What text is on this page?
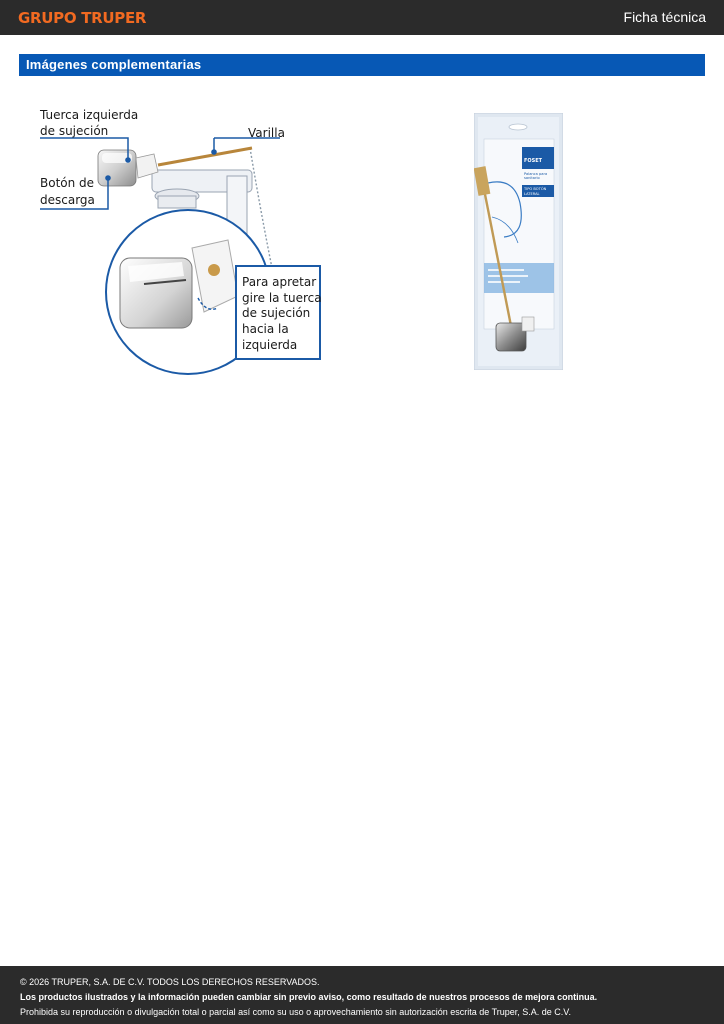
GRUPO TRUPER	Ficha técnica
Imágenes complementarias
Tuerca izquierda
de sujeción	Varilla
Botón de
descarga
Para apretar
gire la tuerca
de sujeción
hacia la
izquierda
FOSET
Palanca para
sanitario
TIPO BOTÓN
LATERAL
© 2026 TRUPER, S.A. DE C.V. TODOS LOS DERECHOS RESERVADOS.
Los productos ilustrados y la información pueden cambiar sin previo aviso, como resultado de nuestros procesos de mejora continua.
Prohibida su reproducción o divulgación total o parcial así como su uso o aprovechamiento sin autorización escrita de Truper, S.A. de C.V.
